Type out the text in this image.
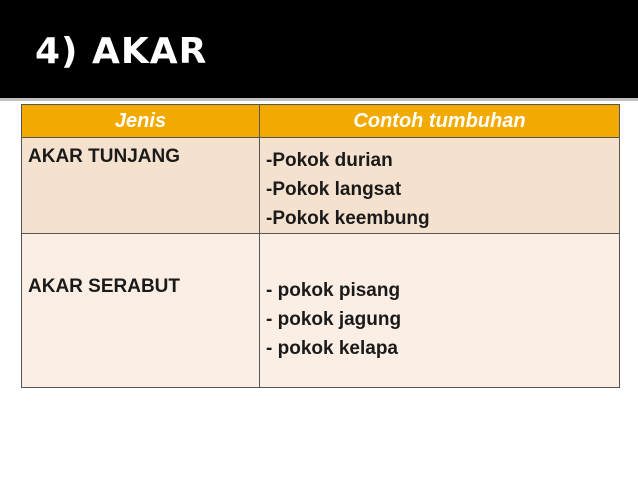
4) AKAR
Jenis	Contoh tumbuhan

AKAR TUNJANG	-Pokok durian
-Pokok langsat
-Pokok keembung

AKAR SERABUT	- pokok pisang
- pokok jagung
- pokok kelapa
